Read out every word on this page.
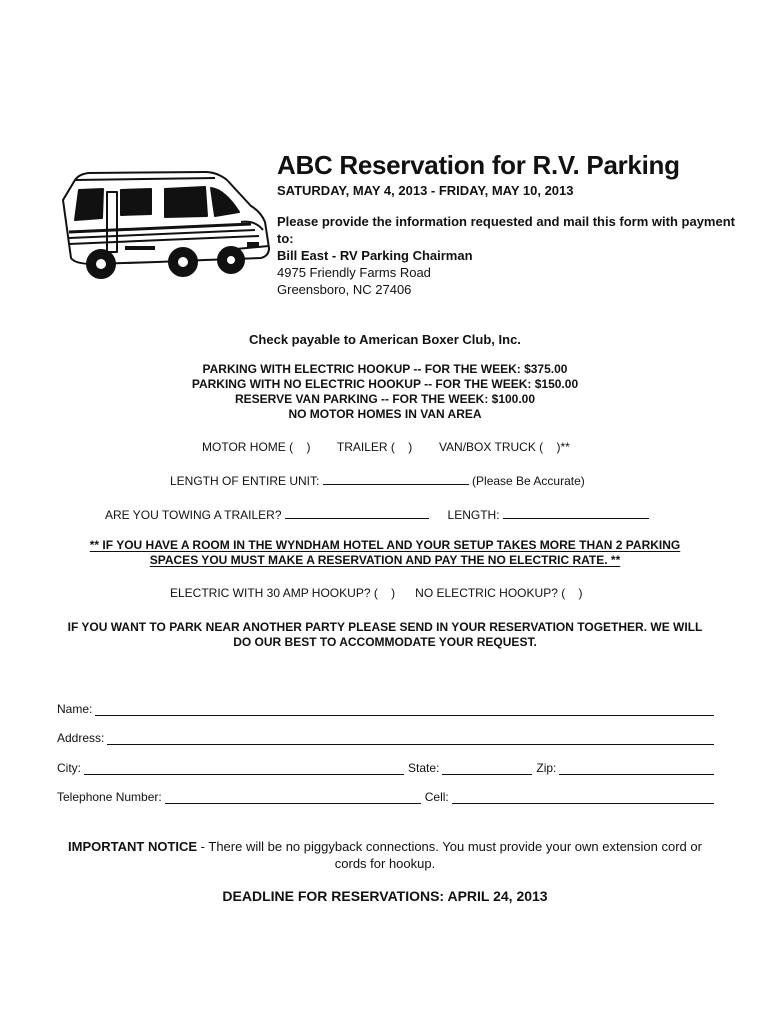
ABC Reservation for R.V. Parking
SATURDAY, MAY 4, 2013 - FRIDAY, MAY 10, 2013
Please provide the information requested and mail this form with payment to:
Bill East - RV Parking Chairman
4975 Friendly Farms Road
Greensboro, NC 27406
Check payable to American Boxer Club, Inc.
PARKING WITH ELECTRIC HOOKUP -- FOR THE WEEK: $375.00
PARKING WITH NO ELECTRIC HOOKUP -- FOR THE WEEK: $150.00
RESERVE VAN PARKING -- FOR THE WEEK: $100.00
NO MOTOR HOMES IN VAN AREA
MOTOR HOME (    ) TRAILER (    ) VAN/BOX TRUCK (    )**
LENGTH OF ENTIRE UNIT:	(Please Be Accurate)
ARE YOU TOWING A TRAILER?	LENGTH:
** IF YOU HAVE A ROOM IN THE WYNDHAM HOTEL AND YOUR SETUP TAKES MORE THAN 2 PARKING SPACES YOU MUST MAKE A RESERVATION AND PAY THE NO ELECTRIC RATE. **
ELECTRIC WITH 30 AMP HOOKUP? (    ) NO ELECTRIC HOOKUP? (    )
IF YOU WANT TO PARK NEAR ANOTHER PARTY PLEASE SEND IN YOUR RESERVATION TOGETHER. WE WILL DO OUR BEST TO ACCOMMODATE YOUR REQUEST.
Name:
Address:
City:	State:	Zip:
Telephone Number:	Cell:
IMPORTANT NOTICE - There will be no piggyback connections. You must provide your own extension cord or cords for hookup.
DEADLINE FOR RESERVATIONS: APRIL 24, 2013
